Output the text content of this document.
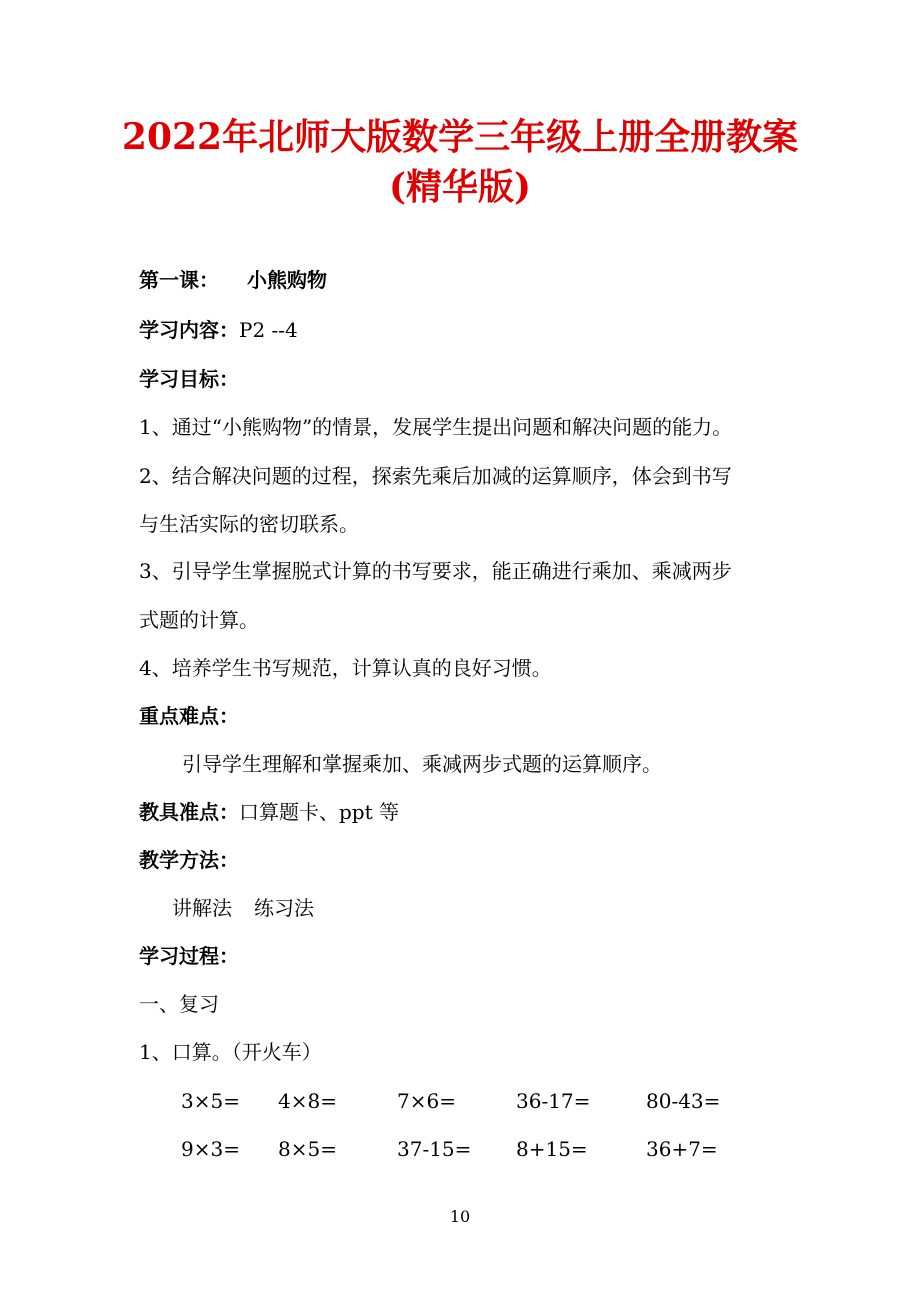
2022年北师大版数学三年级上册全册教案
(精华版)
第一课： 小熊购物
学习内容：P2 --4
学习目标：
1、通过“小熊购物”的情景，发展学生提出问题和解决问题的能力。
2、结合解决问题的过程，探索先乘后加减的运算顺序，体会到书写
与生活实际的密切联系。
3、引导学生掌握脱式计算的书写要求，能正确进行乘加、乘减两步
式题的计算。
4、培养学生书写规范，计算认真的良好习惯。
重点难点：
引导学生理解和掌握乘加、乘减两步式题的运算顺序。
教具准点：口算题卡、ppt 等
教学方法：
讲解法 练习法
学习过程：
一、复习
1、口算。（开火车）
3×5= 4×8=	7×6=	36-17=	80-43=
9×3= 8×5=	37-15= 8+15=	36+7=
10
